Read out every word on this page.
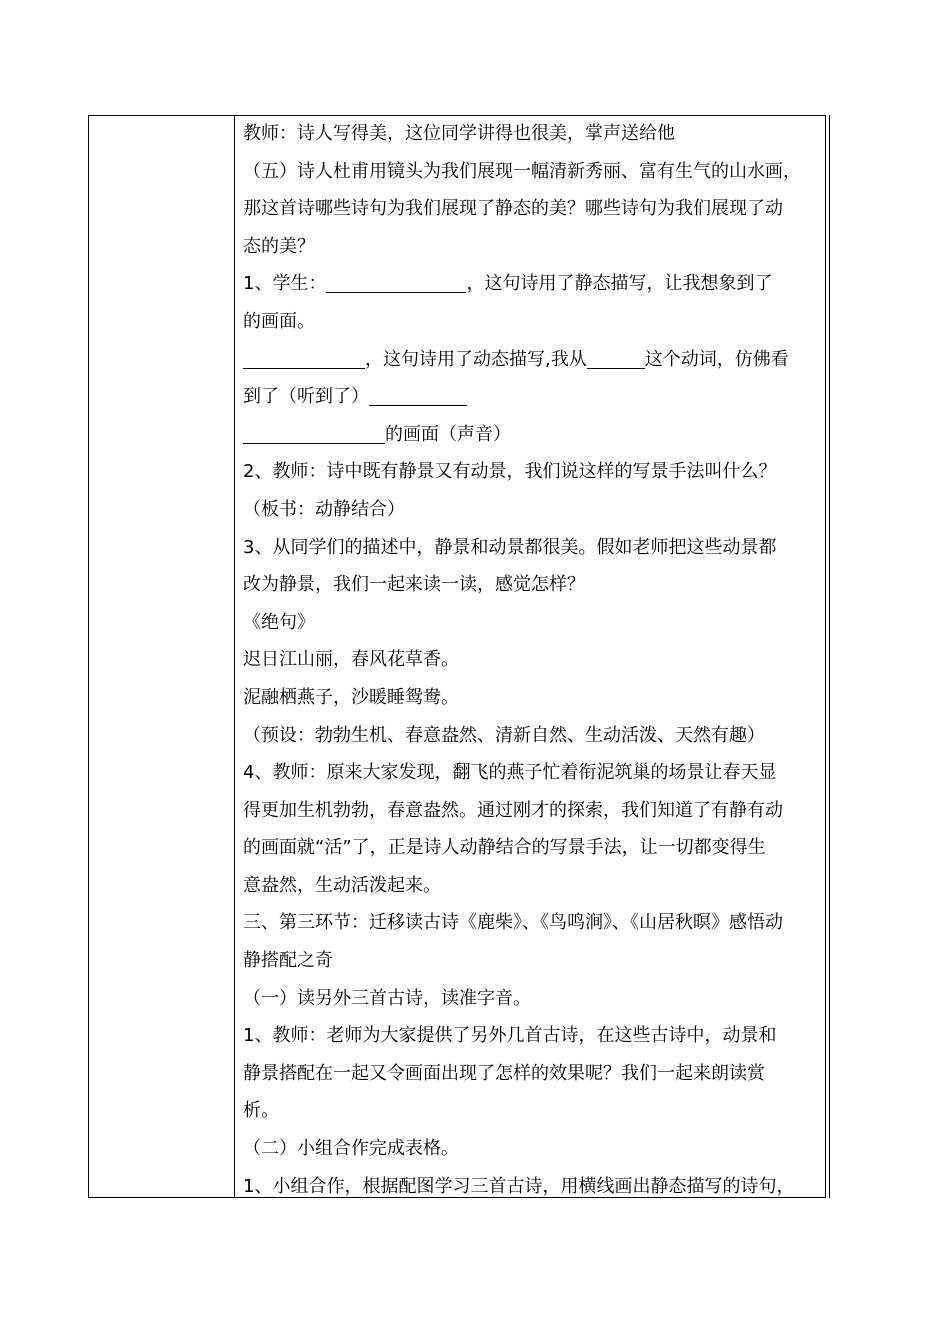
教师：诗人写得美，这位同学讲得也很美，掌声送给他
（五）诗人杜甫用镜头为我们展现一幅清新秀丽、富有生气的山水画，
那这首诗哪些诗句为我们展现了静态的美？哪些诗句为我们展现了动
态的美？
1、学生：	，这句诗用了静态描写，让我想象到了
的画面。
，这句诗用了动态描写,我从	这个动词，仿佛看
到了（听到了）
的画面（声音）
2、教师：诗中既有静景又有动景，我们说这样的写景手法叫什么？
（板书：动静结合）
3、从同学们的描述中，静景和动景都很美。假如老师把这些动景都
改为静景，我们一起来读一读，感觉怎样？
《绝句》
迟日江山丽，春风花草香。
泥融栖燕子，沙暖睡鸳鸯。
（预设：勃勃生机、春意盎然、清新自然、生动活泼、天然有趣）
4、教师：原来大家发现，翻飞的燕子忙着衔泥筑巢的场景让春天显
得更加生机勃勃，春意盎然。通过刚才的探索，我们知道了有静有动
的画面就“活”了，正是诗人动静结合的写景手法，让一切都变得生
意盎然，生动活泼起来。
三、第三环节：迁移读古诗《鹿柴》、《鸟鸣涧》、《山居秋暝》感悟动
静搭配之奇
（一）读另外三首古诗，读准字音。
1、教师：老师为大家提供了另外几首古诗，在这些古诗中，动景和
静景搭配在一起又令画面出现了怎样的效果呢？我们一起来朗读赏
析。
（二）小组合作完成表格。
1、小组合作，根据配图学习三首古诗，用横线画出静态描写的诗句，
